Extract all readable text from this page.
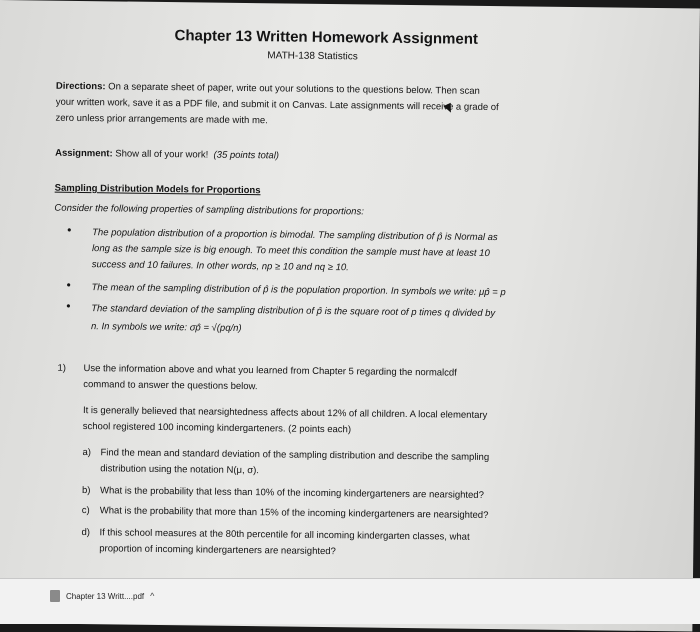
Chapter 13 Written Homework Assignment
MATH-138 Statistics
Directions: On a separate sheet of paper, write out your solutions to the questions below. Then scan
your written work, save it as a PDF file, and submit it on Canvas. Late assignments will receive a grade of
zero unless prior arrangements are made with me.
Assignment: Show all of your work! (35 points total)
Sampling Distribution Models for Proportions
Consider the following properties of sampling distributions for proportions:
• The population distribution of a proportion is bimodal. The sampling distribution of p̂ is Normal as
long as the sample size is big enough. To meet this condition the sample must have at least 10
success and 10 failures. In other words, np ≥ 10 and nq ≥ 10.
• The mean of the sampling distribution of p̂ is the population proportion. In symbols we write: μp̂ = p
• The standard deviation of the sampling distribution of p̂ is the square root of p times q divided by
n. In symbols we write: σp̂ = √(pq/n)
1) Use the information above and what you learned from Chapter 5 regarding the normalcdf
command to answer the questions below.
It is generally believed that nearsightedness affects about 12% of all children. A local elementary
school registered 100 incoming kindergarteners. (2 points each)
a) Find the mean and standard deviation of the sampling distribution and describe the sampling
distribution using the notation N(μ, σ).
b) What is the probability that less than 10% of the incoming kindergarteners are nearsighted?
c) What is the probability that more than 15% of the incoming kindergarteners are nearsighted?
d) If this school measures at the 80th percentile for all incoming kindergarten classes, what
proportion of incoming kindergarteners are nearsighted?
Chapter 13 Writt....pdf ^
